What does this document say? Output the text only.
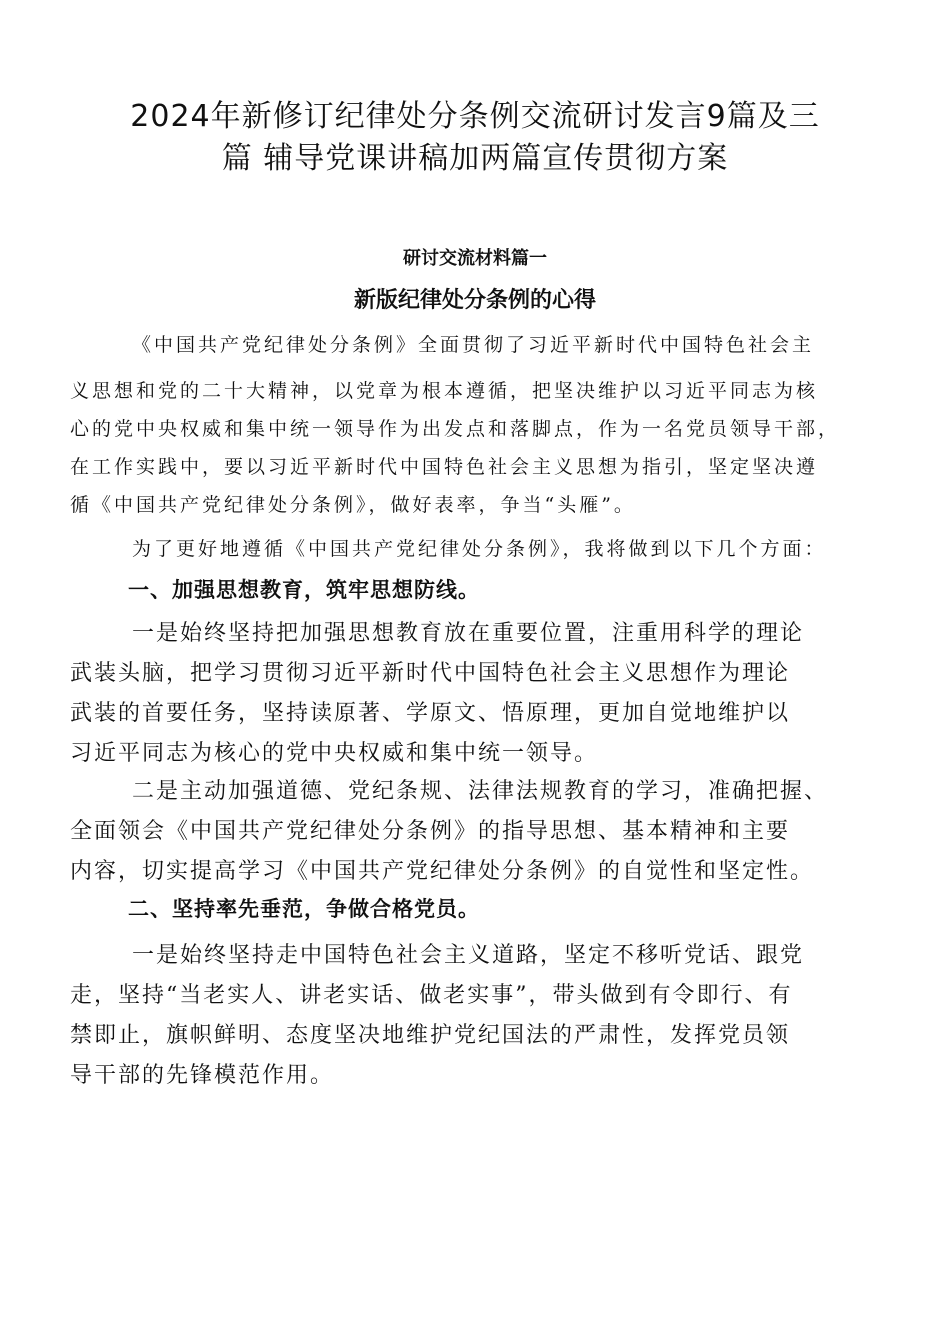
2024年新修订纪律处分条例交流研讨发言9篇及三
篇 辅导党课讲稿加两篇宣传贯彻方案
研讨交流材料篇一
新版纪律处分条例的心得

《中国共产党纪律处分条例》全面贯彻了习近平新时代中国特色社会主
义思想和党的二十大精神，以党章为根本遵循，把坚决维护以习近平同志为核
心的党中央权威和集中统一领导作为出发点和落脚点，作为一名党员领导干部，
在工作实践中，要以习近平新时代中国特色社会主义思想为指引，坚定坚决遵
循《中国共产党纪律处分条例》，做好表率，争当“头雁”。

为了更好地遵循《中国共产党纪律处分条例》，我将做到以下几个方面：

一、加强思想教育，筑牢思想防线。

一是始终坚持把加强思想教育放在重要位置，注重用科学的理论
武装头脑，把学习贯彻习近平新时代中国特色社会主义思想作为理论
武装的首要任务，坚持读原著、学原文、悟原理，更加自觉地维护以
习近平同志为核心的党中央权威和集中统一领导。

二是主动加强道德、党纪条规、法律法规教育的学习，准确把握、
全面领会《中国共产党纪律处分条例》的指导思想、基本精神和主要
内容，切实提高学习《中国共产党纪律处分条例》的自觉性和坚定性。

二、坚持率先垂范，争做合格党员。

一是始终坚持走中国特色社会主义道路，坚定不移听党话、跟党
走，坚持“当老实人、讲老实话、做老实事”，带头做到有令即行、有
禁即止，旗帜鲜明、态度坚决地维护党纪国法的严肃性，发挥党员领
导干部的先锋模范作用。
